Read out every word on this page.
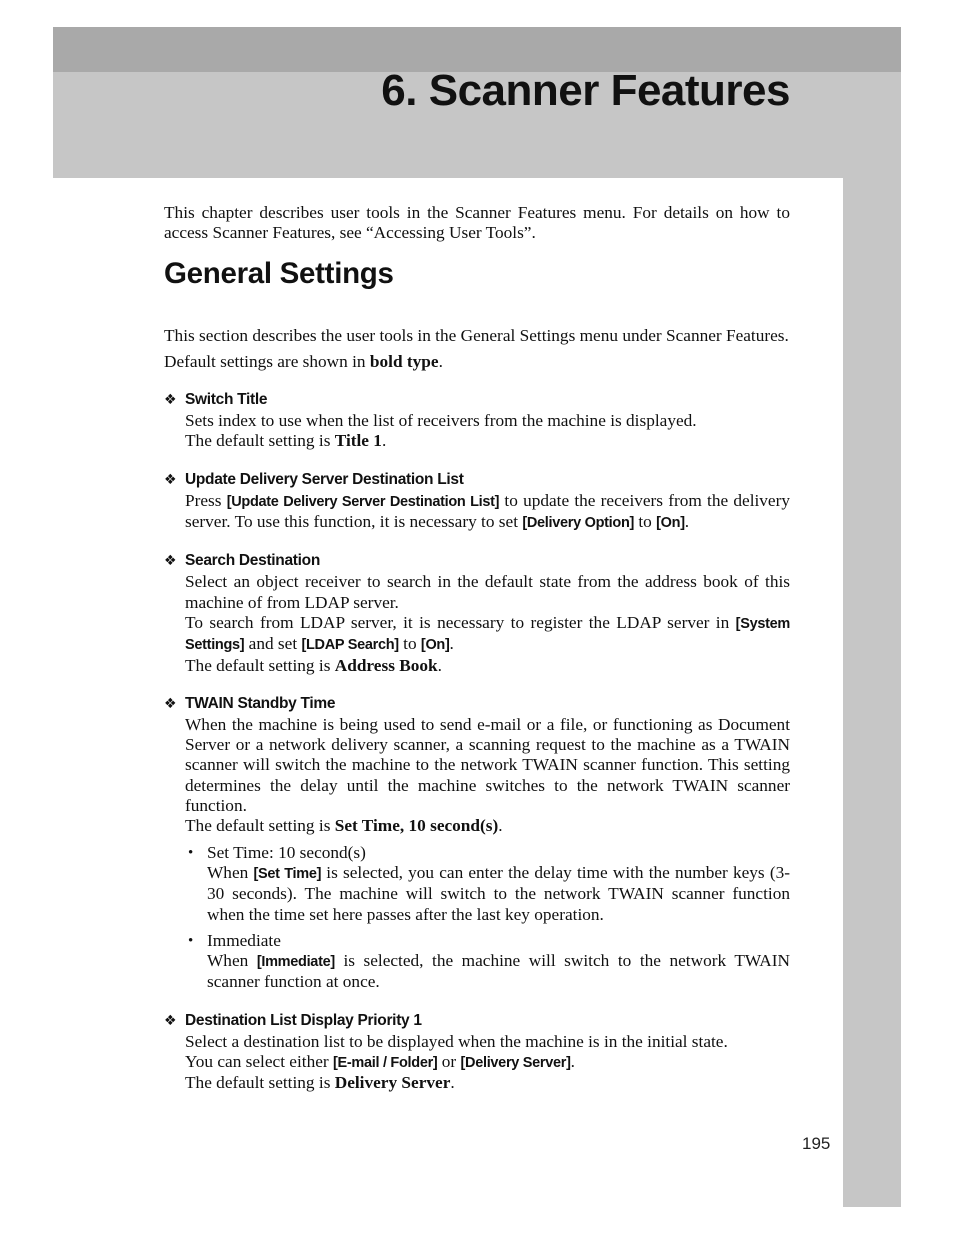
6. Scanner Features

This chapter describes user tools in the Scanner Features menu. For details on how to access Scanner Features, see “Accessing User Tools”.

General Settings

This section describes the user tools in the General Settings menu under Scanner Features.

Default settings are shown in bold type.

❖ Switch Title

Sets index to use when the list of receivers from the machine is displayed.

The default setting is Title 1.

❖ Update Delivery Server Destination List

Press [Update Delivery Server Destination List] to update the receivers from the delivery server. To use this function, it is necessary to set [Delivery Option] to [On].

❖ Search Destination

Select an object receiver to search in the default state from the address book of this machine of from LDAP server.

To search from LDAP server, it is necessary to register the LDAP server in [System Settings] and set [LDAP Search] to [On].

The default setting is Address Book.

❖ TWAIN Standby Time

When the machine is being used to send e-mail or a file, or functioning as Document Server or a network delivery scanner, a scanning request to the machine as a TWAIN scanner will switch the machine to the network TWAIN scanner function. This setting determines the delay until the machine switches to the network TWAIN scanner function.

The default setting is Set Time, 10 second(s).

• Set Time: 10 second(s)

When [Set Time] is selected, you can enter the delay time with the number keys (3-30 seconds). The machine will switch to the network TWAIN scanner function when the time set here passes after the last key operation.

• Immediate

When [Immediate] is selected, the machine will switch to the network TWAIN scanner function at once.

❖ Destination List Display Priority 1

Select a destination list to be displayed when the machine is in the initial state.

You can select either [E-mail / Folder] or [Delivery Server].

The default setting is Delivery Server.

195
